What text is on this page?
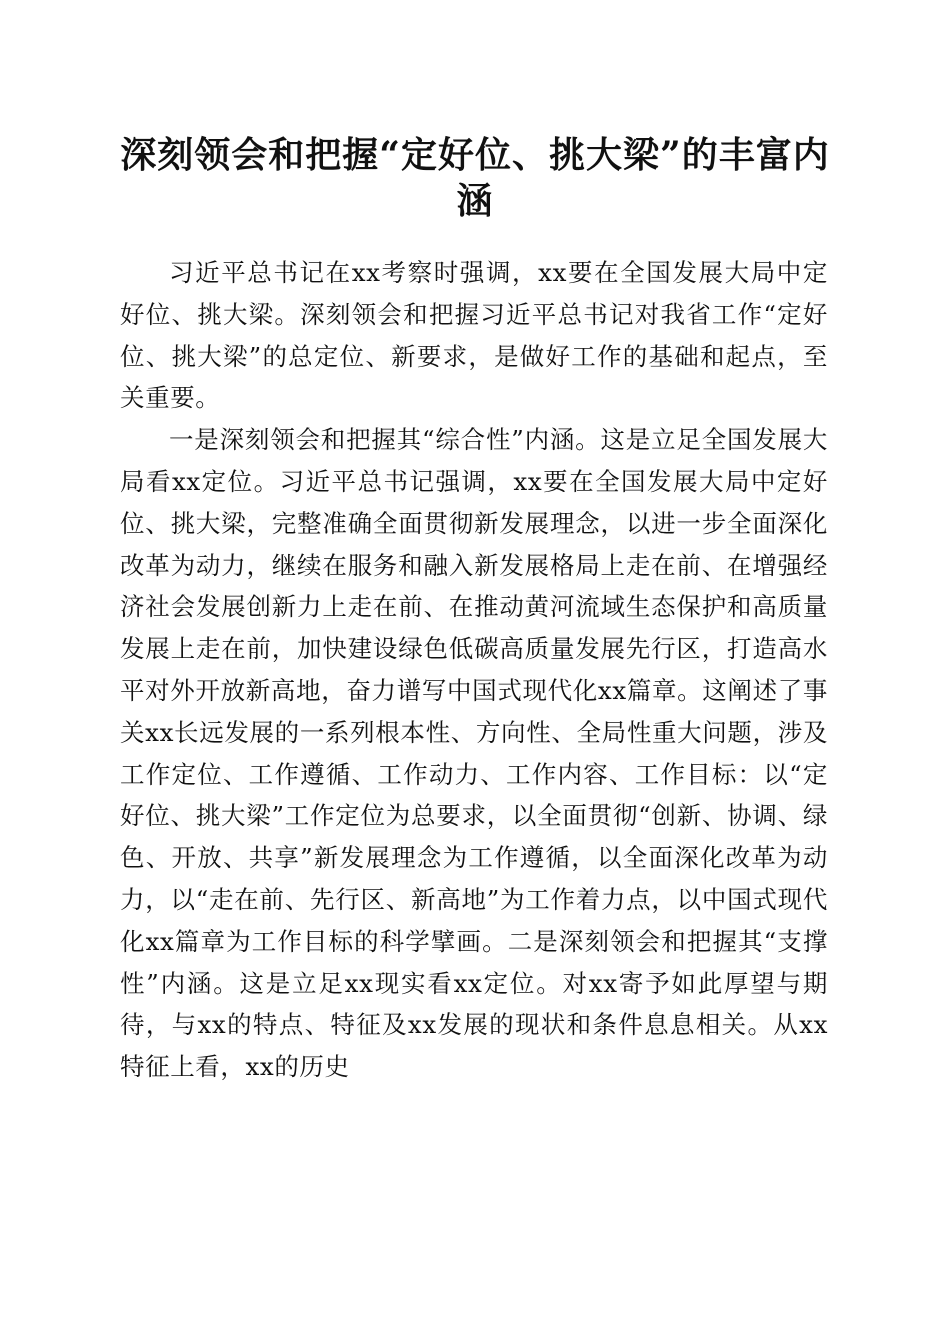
深刻领会和把握“定好位、挑大梁”的丰富内涵

习近平总书记在xx考察时强调，xx要在全国发展大局中定好位、挑大梁。深刻领会和把握习近平总书记对我省工作“定好位、挑大梁”的总定位、新要求，是做好工作的基础和起点，至关重要。

一是深刻领会和把握其“综合性”内涵。这是立足全国发展大局看xx定位。习近平总书记强调，xx要在全国发展大局中定好位、挑大梁，完整准确全面贯彻新发展理念，以进一步全面深化改革为动力，继续在服务和融入新发展格局上走在前、在增强经济社会发展创新力上走在前、在推动黄河流域生态保护和高质量发展上走在前，加快建设绿色低碳高质量发展先行区，打造高水平对外开放新高地，奋力谱写中国式现代化xx篇章。这阐述了事关xx长远发展的一系列根本性、方向性、全局性重大问题，涉及工作定位、工作遵循、工作动力、工作内容、工作目标：以“定好位、挑大梁”工作定位为总要求，以全面贯彻“创新、协调、绿色、开放、共享”新发展理念为工作遵循，以全面深化改革为动力，以“走在前、先行区、新高地”为工作着力点，以中国式现代化xx篇章为工作目标的科学擘画。二是深刻领会和把握其“支撑性”内涵。这是立足xx现实看xx定位。对xx寄予如此厚望与期待，与xx的特点、特征及xx发展的现状和条件息息相关。从xx特征上看，xx的历史
